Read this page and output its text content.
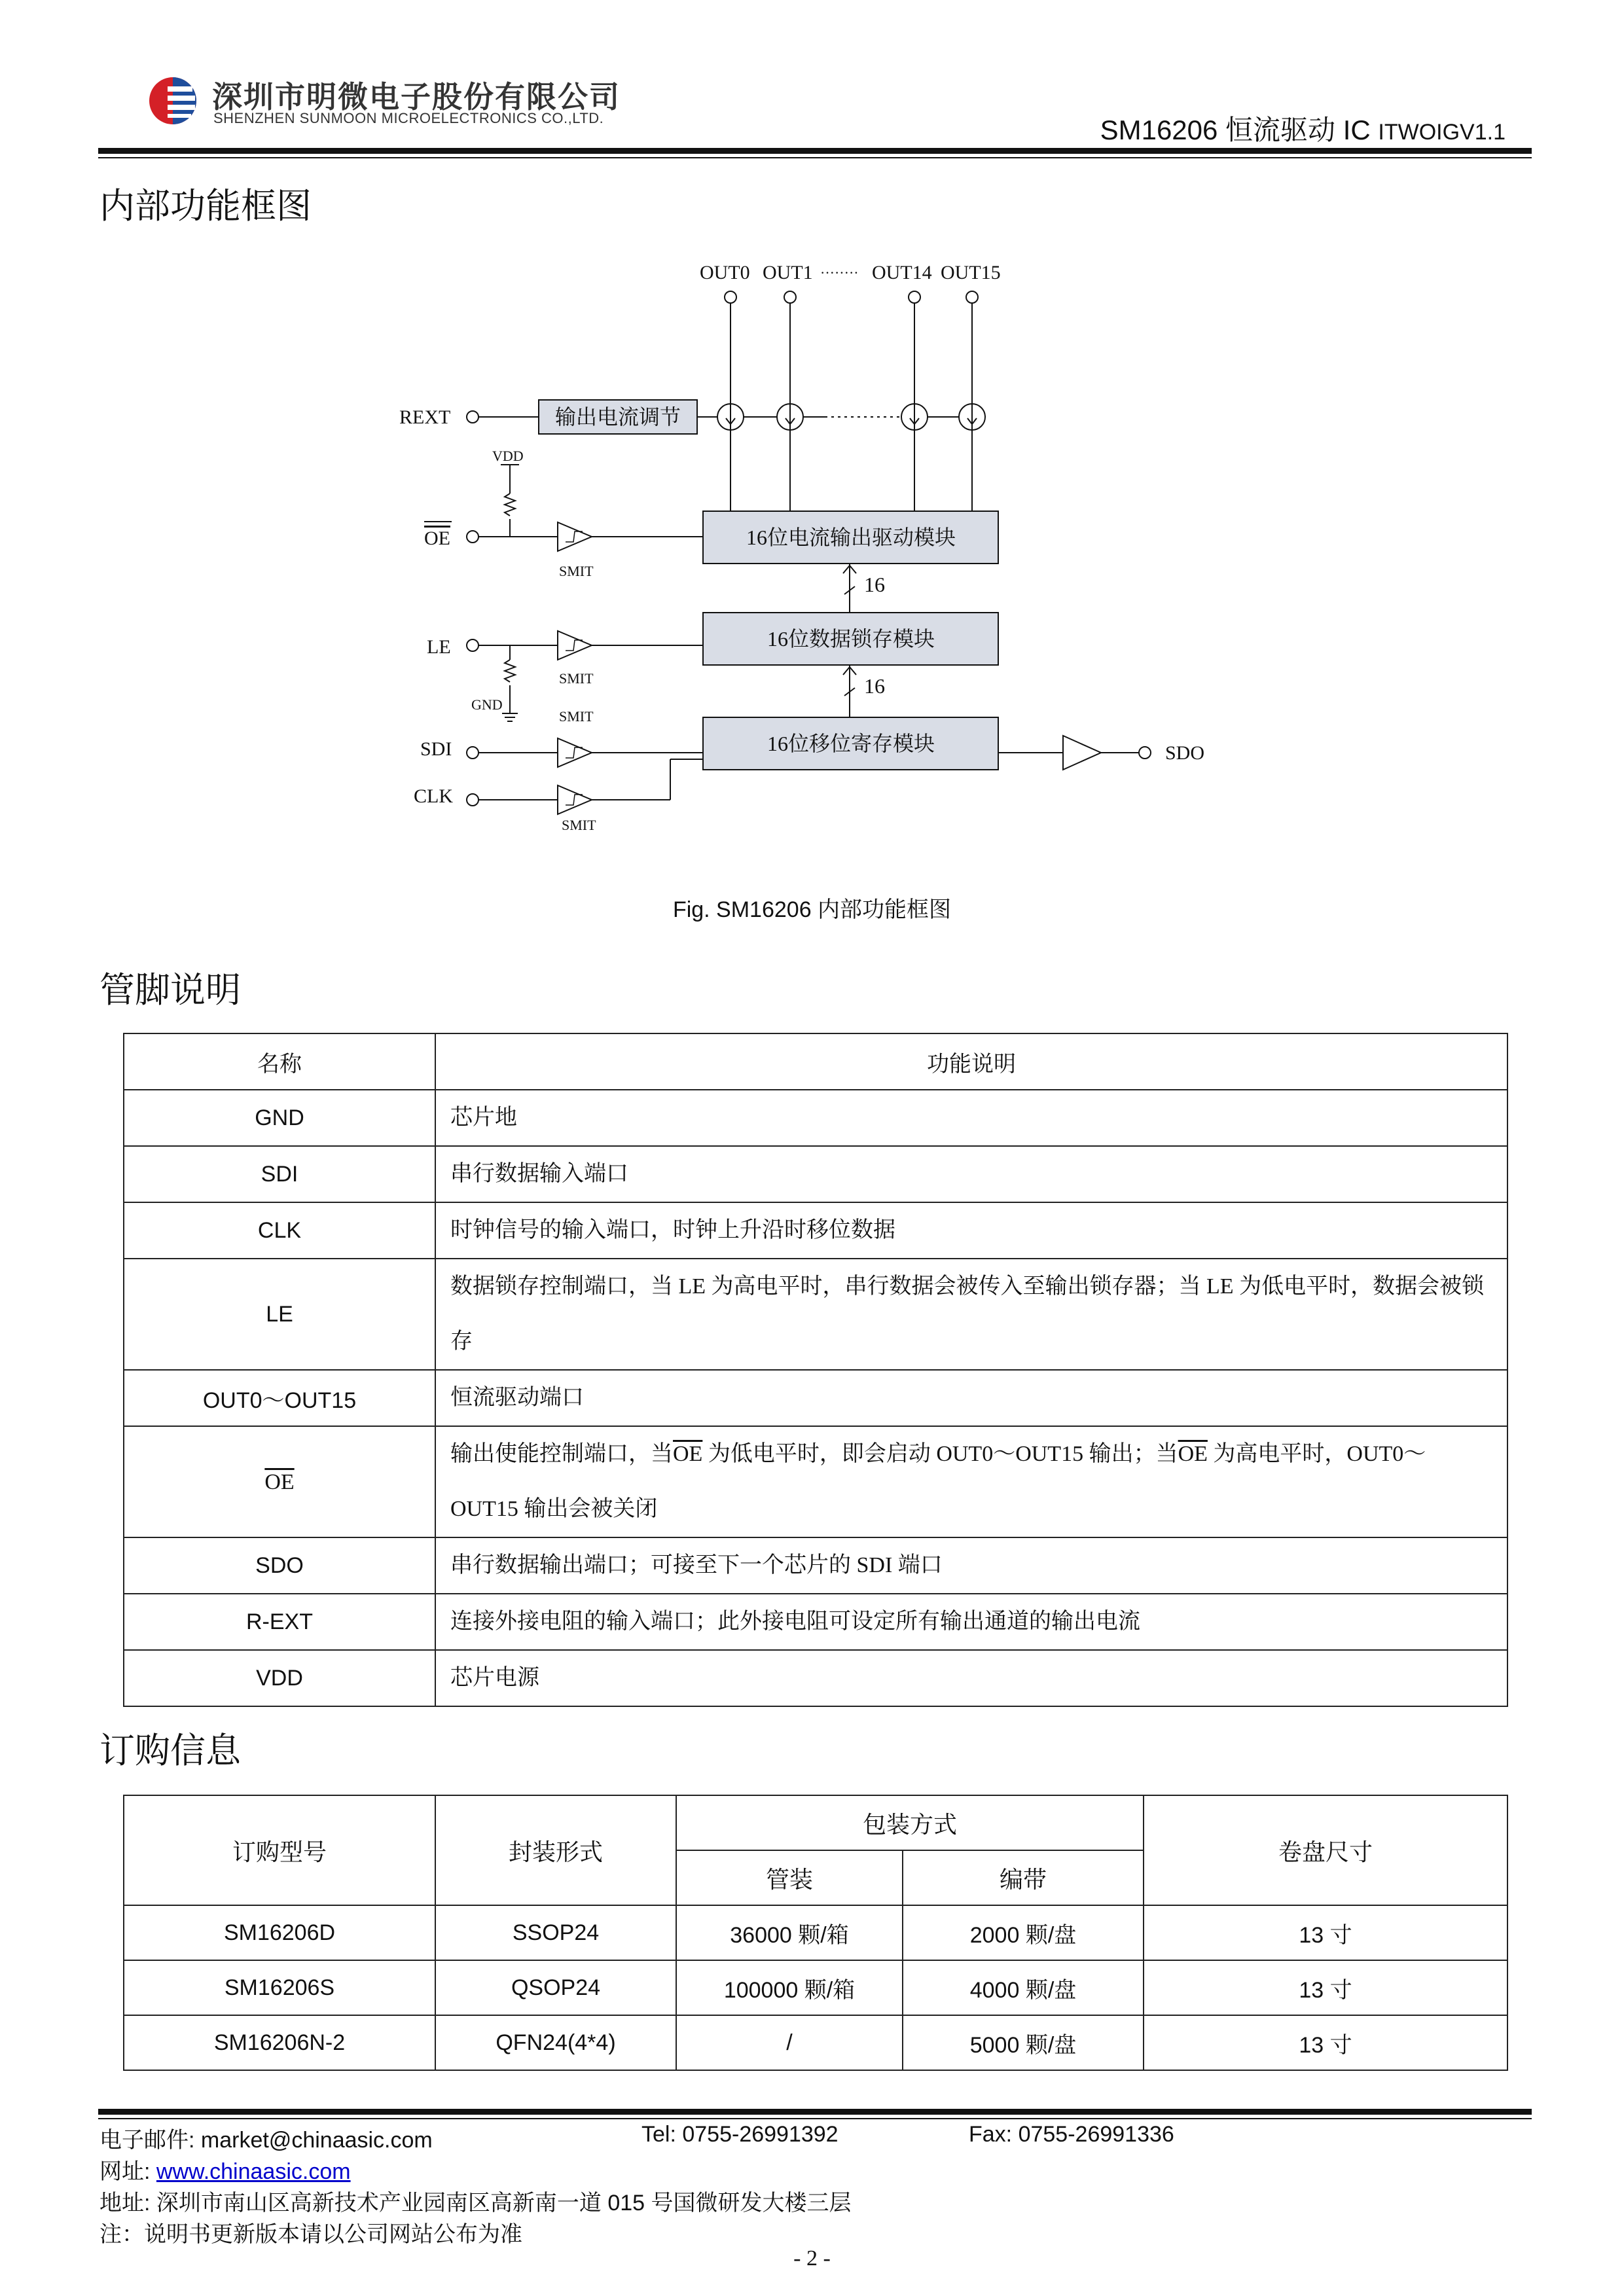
深圳市明微电子股份有限公司
SHENZHEN SUNMOON MICROELECTRONICS CO.,LTD.	SM16206 恒流驱动 IC ITWOIGV1.1
内部功能框图
OUT0 OUT1 ········ OUT14 OUT15
REXT	输出电流调节
VDD
OE
SMIT
16位电流输出驱动模块
16
16位数据锁存模块
16
LE
SMIT
GND
SMIT
SDI	16位移位寄存模块
CLK
SMIT
SDO
Fig. SM16206 内部功能框图
管脚说明
名称	功能说明
GND	芯片地
SDI	串行数据输入端口
CLK	时钟信号的输入端口，时钟上升沿时移位数据
LE	数据锁存控制端口，当 LE 为高电平时，串行数据会被传入至输出锁存器；当 LE 为低电平时，数据会被锁存
OUT0～OUT15	恒流驱动端口
$\overline{OE}$	输出使能控制端口，当$\overline{OE}$ 为低电平时，即会启动 OUT0～OUT15 输出；当$\overline{OE}$ 为高电平时，OUT0～OUT15 输出会被关闭
SDO	串行数据输出端口；可接至下一个芯片的 SDI 端口
R-EXT	连接外接电阻的输入端口；此外接电阻可设定所有输出通道的输出电流
VDD	芯片电源
订购信息
订购型号	封装形式	包装方式		卷盘尺寸
		管装	编带	
SM16206D	SSOP24	36000 颗/箱	2000 颗/盘	13 寸
SM16206S	QSOP24	100000 颗/箱	4000 颗/盘	13 寸
SM16206N-2	QFN24(4*4)	/	5000 颗/盘	13 寸
电子邮件: market@chinaasic.com	Tel: 0755-26991392	Fax: 0755-26991336
网址: www.chinaasic.com
地址: 深圳市南山区高新技术产业园南区高新南一道 015 号国微研发大楼三层
注：说明书更新版本请以公司网站公布为准
- 2 -
